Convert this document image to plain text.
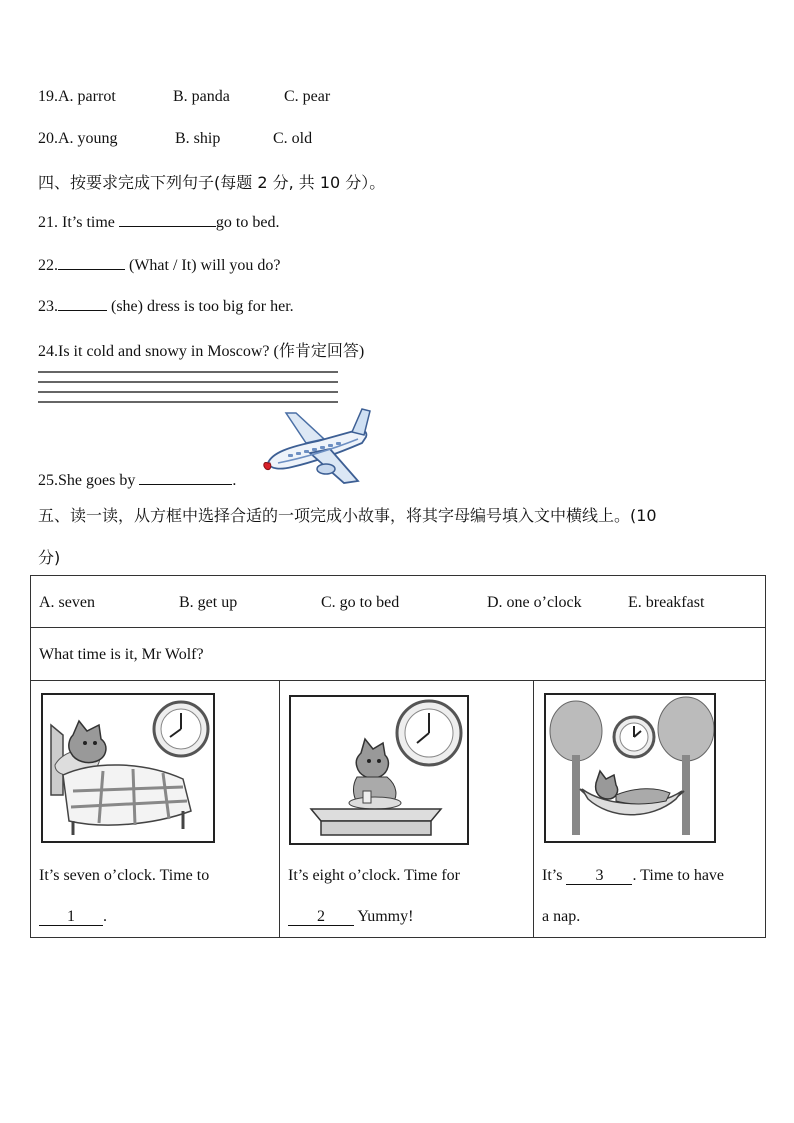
19.A. parrot	B. panda	C. pear
20.A. young	B. ship	C. old
四、按要求完成下列句子(每题 2 分, 共 10 分）。
21. It’s time	go to bed.
22.	(What / It) will you do?
23.	(she) dress is too big for her.
24.Is it cold and snowy in Moscow? (作肯定回答)
25.She goes by	.
五、读一读，从方框中选择合适的一项完成小故事，将其字母编号填入文中横线上。(10
分)
A. seven	B. get up	C. go to bed	D. one o’clock	E. breakfast

What time is it, Mr Wolf?

It’s seven o’clock. Time to
1 .

It’s eight o’clock. Time for
2 Yummy!

It’s 3 . Time to have
a nap.
